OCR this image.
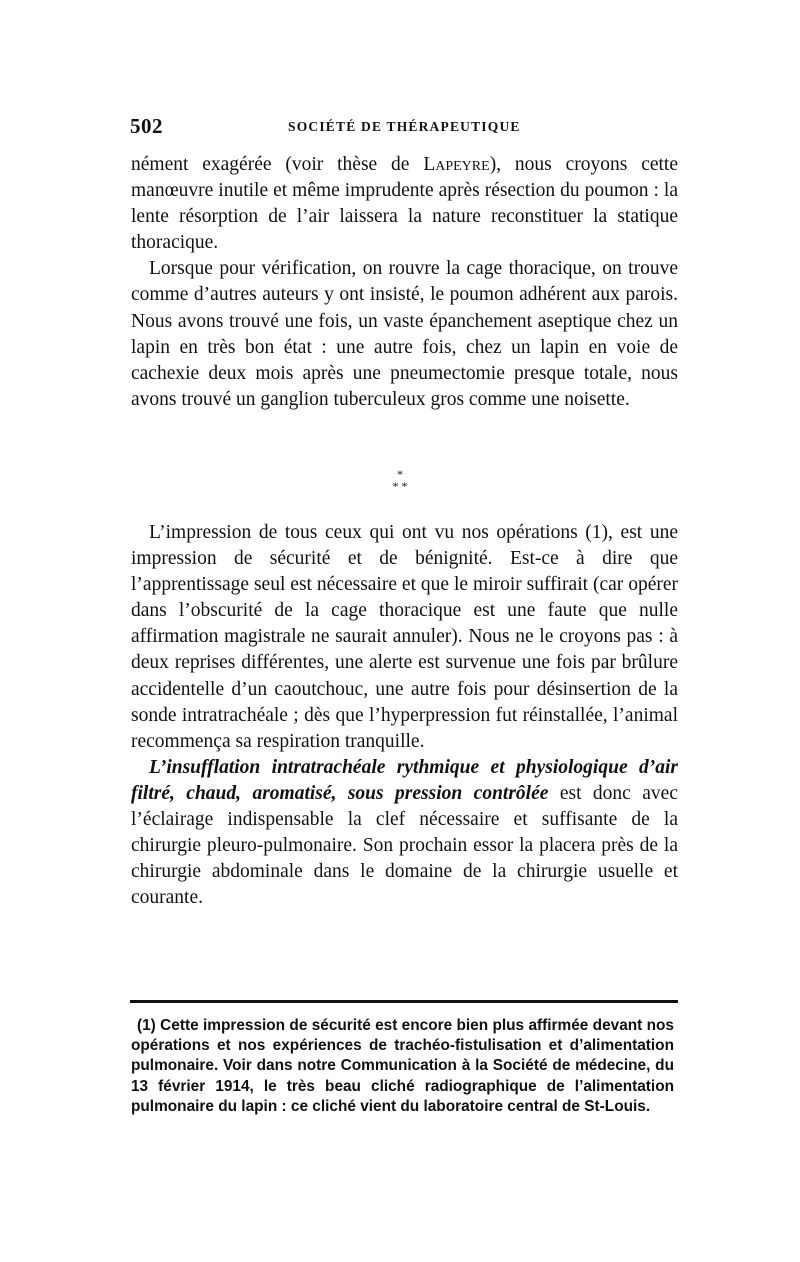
502	SOCIÉTÉ DE THÉRAPEUTIQUE

nément exagérée (voir thèse de Lapeyre), nous croyons cette manœuvre inutile et même imprudente après résection du poumon : la lente résorption de l’air laissera la nature reconstituer la statique thoracique.

Lorsque pour vérification, on rouvre la cage thoracique, on trouve comme d’autres auteurs y ont insisté, le poumon adhérent aux parois. Nous avons trouvé une fois, un vaste épanchement aseptique chez un lapin en très bon état : une autre fois, chez un lapin en voie de cachexie deux mois après une pneumectomie presque totale, nous avons trouvé un ganglion tuberculeux gros comme une noisette.

*
* *

L’impression de tous ceux qui ont vu nos opérations (1), est une impression de sécurité et de bénignité. Est-ce à dire que l’apprentissage seul est nécessaire et que le miroir suffirait (car opérer dans l’obscurité de la cage thoracique est une faute que nulle affirmation magistrale ne saurait annuler). Nous ne le croyons pas : à deux reprises différentes, une alerte est survenue une fois par brûlure accidentelle d’un caoutchouc, une autre fois pour désinsertion de la sonde intratrachéale ; dès que l’hyperpression fut réinstallée, l’animal recommença sa respiration tranquille.

L’insufflation intratrachéale rythmique et physiologique d’air filtré, chaud, aromatisé, sous pression contrôlée est donc avec l’éclairage indispensable la clef nécessaire et suffisante de la chirurgie pleuro-pulmonaire. Son prochain essor la placera près de la chirurgie abdominale dans le domaine de la chirurgie usuelle et courante.

(1) Cette impression de sécurité est encore bien plus affirmée devant nos opérations et nos expériences de trachéo-fistulisation et d’alimentation pulmonaire. Voir dans notre Communication à la Société de médecine, du 13 février 1914, le très beau cliché radiographique de l’alimentation pulmonaire du lapin : ce cliché vient du laboratoire central de St-Louis.
